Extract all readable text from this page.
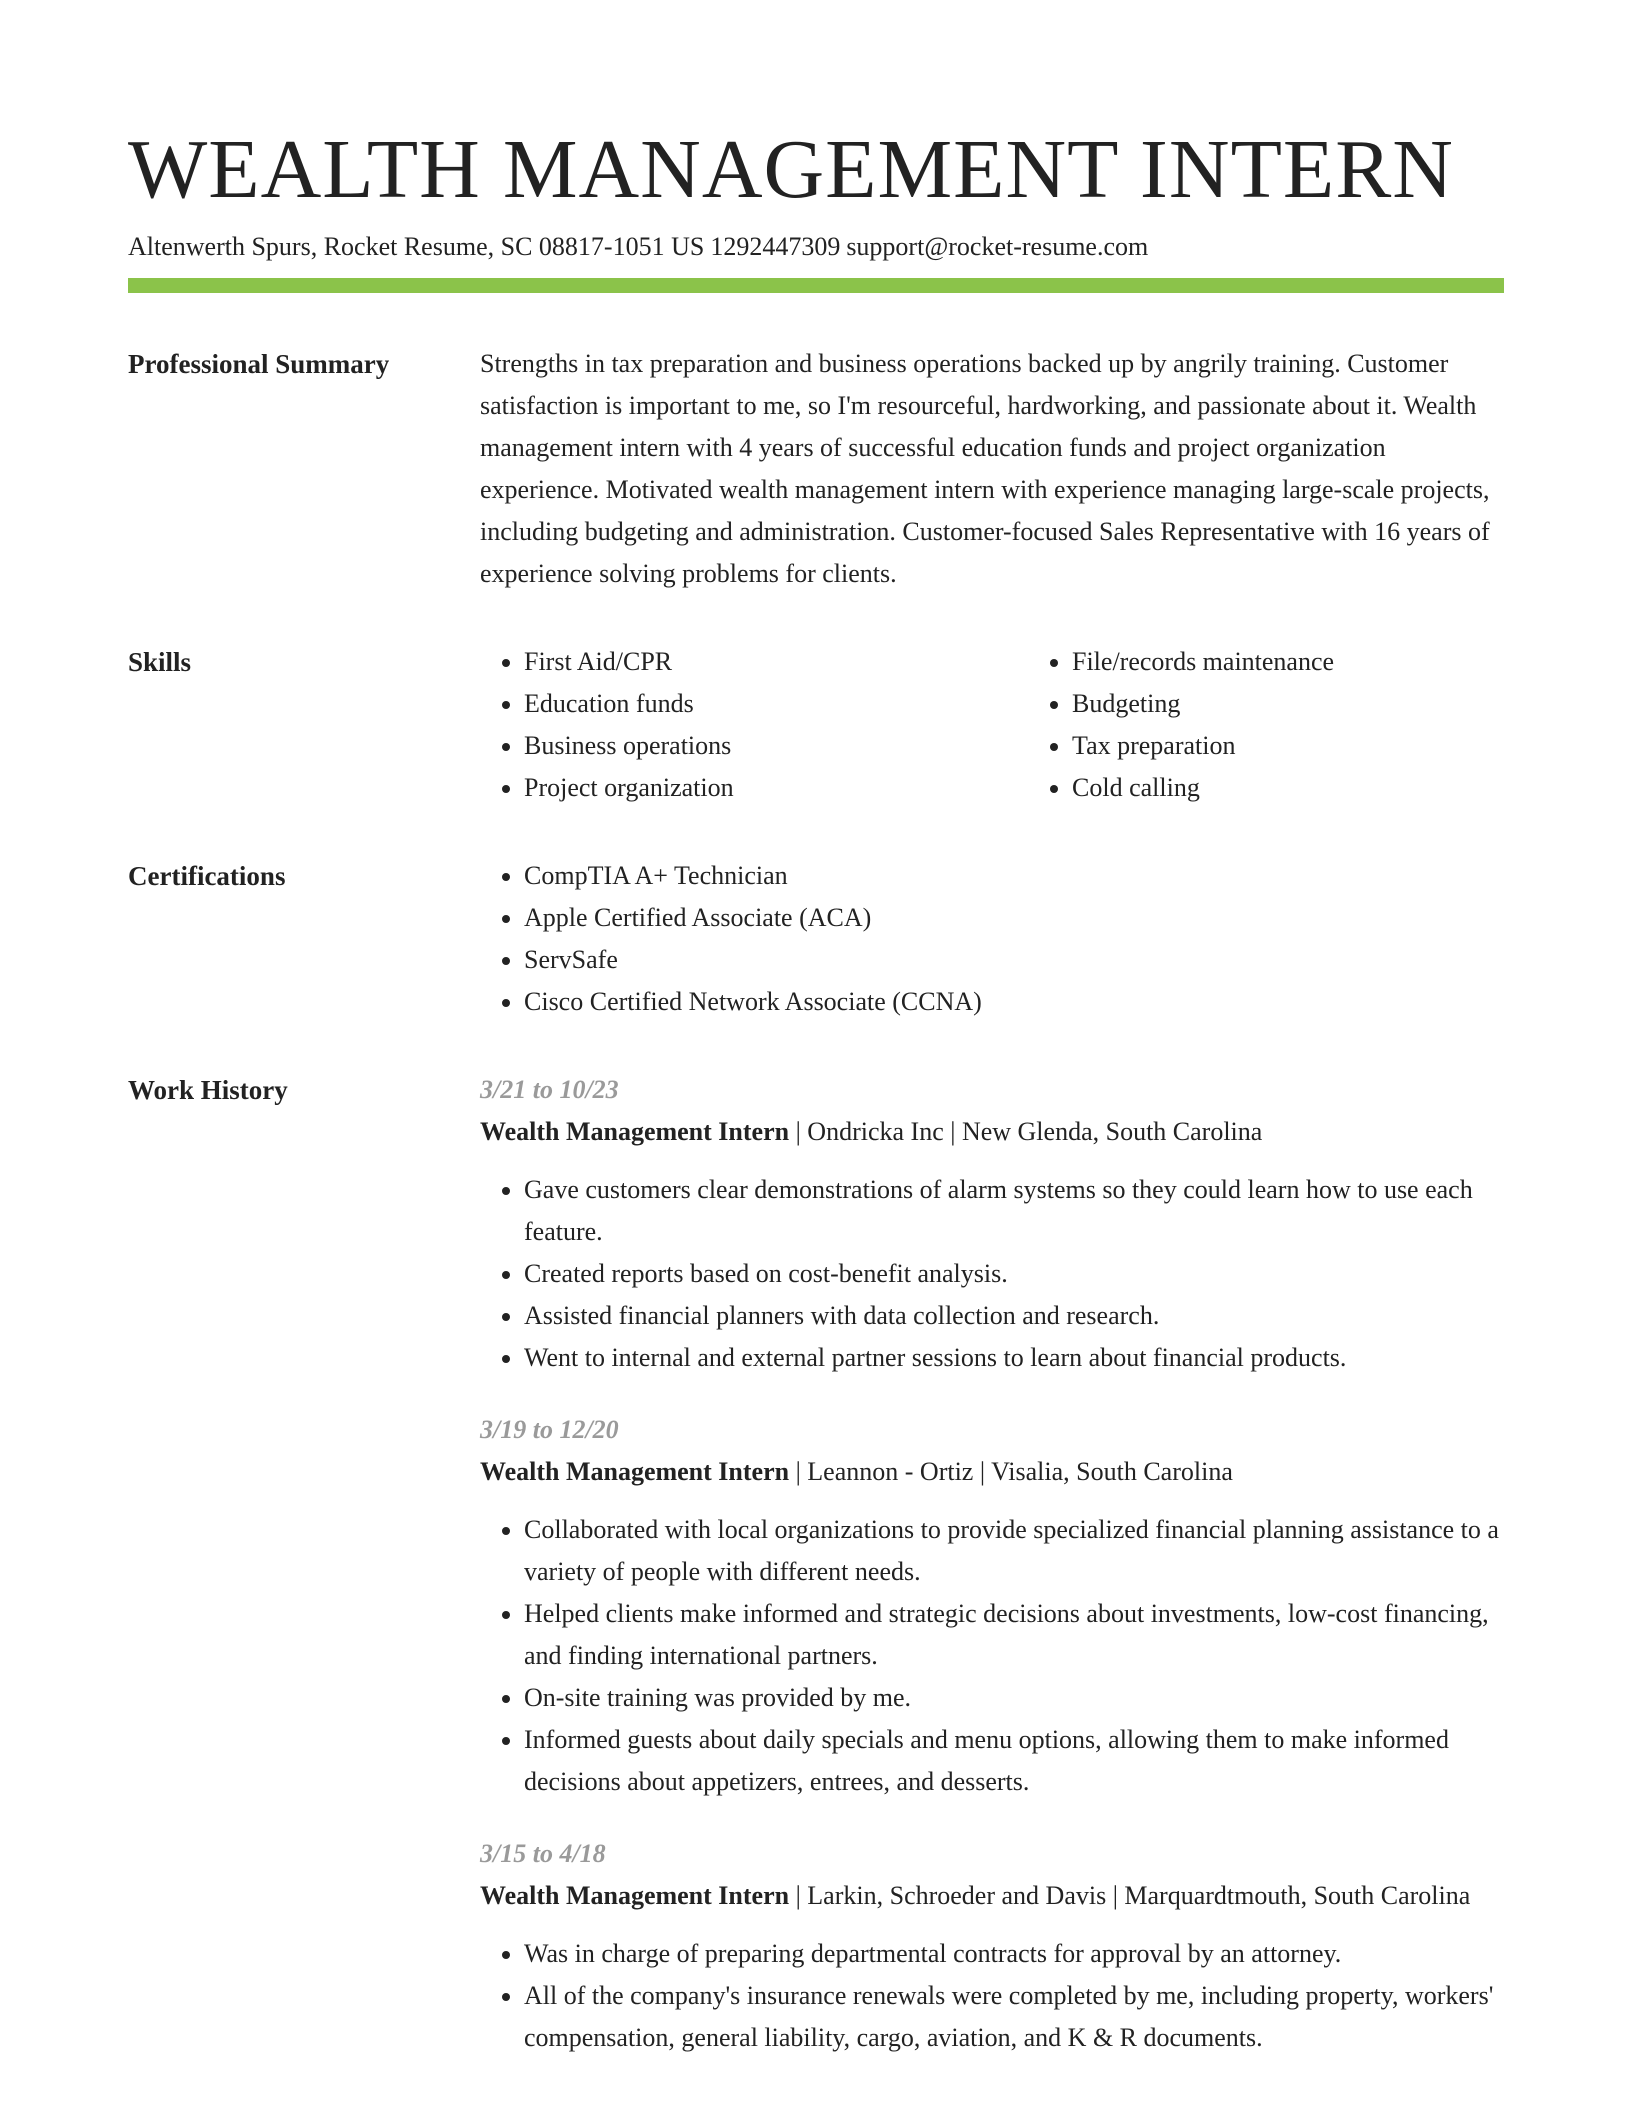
WEALTH MANAGEMENT INTERN
Altenwerth Spurs, Rocket Resume, SC 08817-1051 US 1292447309 support@rocket-resume.com
Professional Summary	Strengths in tax preparation and business operations backed up by angrily training. Customer satisfaction is important to me, so I'm resourceful, hardworking, and passionate about it. Wealth management intern with 4 years of successful education funds and project organization experience. Motivated wealth management intern with experience managing large-scale projects, including budgeting and administration. Customer-focused Sales Representative with 16 years of experience solving problems for clients.

Skills	• First Aid/CPR
• Education funds
• Business operations
• Project organization
• File/records maintenance
• Budgeting
• Tax preparation
• Cold calling
Certifications	• CompTIA A+ Technician
• Apple Certified Associate (ACA)
• ServSafe
• Cisco Certified Network Associate (CCNA)
Work History	3/21 to 10/23
Wealth Management Intern | Ondricka Inc | New Glenda, South Carolina
• Gave customers clear demonstrations of alarm systems so they could learn how to use each feature.
• Created reports based on cost-benefit analysis.
• Assisted financial planners with data collection and research.
• Went to internal and external partner sessions to learn about financial products.
3/19 to 12/20
Wealth Management Intern | Leannon - Ortiz | Visalia, South Carolina
• Collaborated with local organizations to provide specialized financial planning assistance to a variety of people with different needs.
• Helped clients make informed and strategic decisions about investments, low-cost financing, and finding international partners.
• On-site training was provided by me.
• Informed guests about daily specials and menu options, allowing them to make informed decisions about appetizers, entrees, and desserts.
3/15 to 4/18
Wealth Management Intern | Larkin, Schroeder and Davis | Marquardtmouth, South Carolina
• Was in charge of preparing departmental contracts for approval by an attorney.
• All of the company's insurance renewals were completed by me, including property, workers' compensation, general liability, cargo, aviation, and K & R documents.
